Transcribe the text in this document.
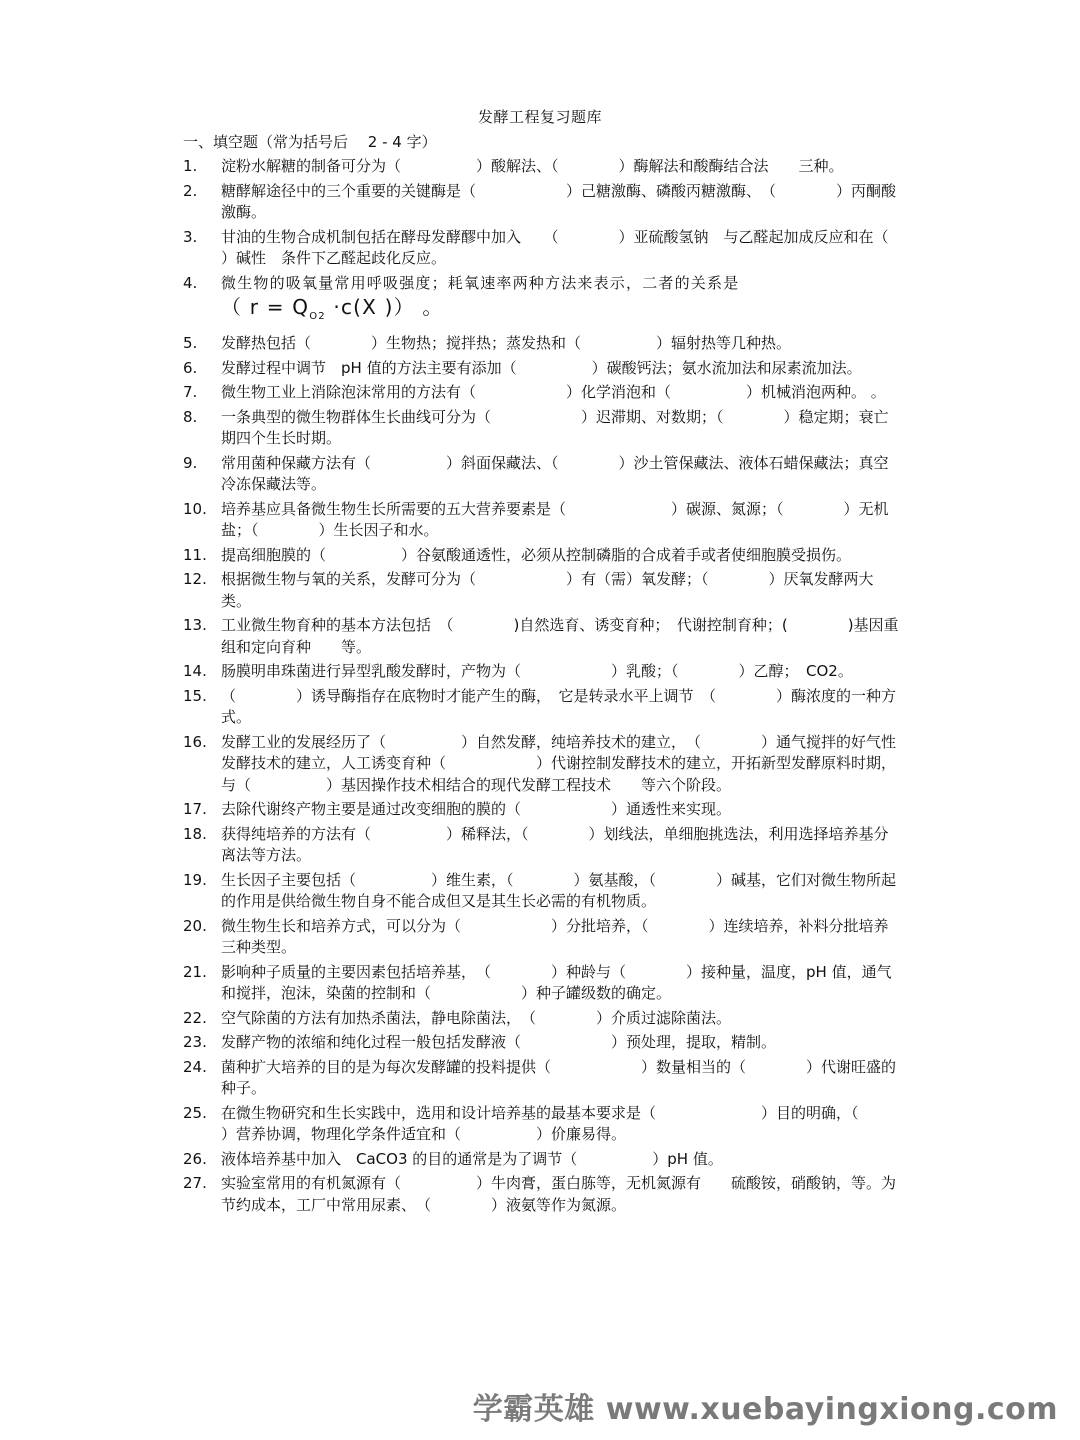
发酵工程复习题库
一、填空题（常为括号后　 2 - 4 字）
1.	淀粉水解糖的制备可分为（　　　　　）酸解法、（　　　　）酶解法和酸酶结合法　　三种。
2.	糖酵解途径中的三个重要的关键酶是（　　　　　　）己糖激酶、磷酸丙糖激酶、　（　　　　）丙酮酸激酶。
3.	甘油的生物合成机制包括在酵母发酵醪中加入　　（　　　　）亚硫酸氢钠　与乙醛起加成反应和在（　　　　）碱性　条件下乙醛起歧化反应。
4.	微生物的吸氧量常用呼吸强度；耗氧速率两种方法来表示，二者的关系是
（ $r = Q_{O2} \cdot c(X$ )） 。
5.	发酵热包括（　　　　）生物热；搅拌热；蒸发热和（　　　　　）辐射热等几种热。
6.	发酵过程中调节　pH 值的方法主要有添加（　　　　　）碳酸钙法；氨水流加法和尿素流加法。
7.	微生物工业上消除泡沫常用的方法有（　　　　　　）化学消泡和（　　　　　）机械消泡两种。 。
8.	一条典型的微生物群体生长曲线可分为（　　　　　　）迟滞期、对数期；（　　　　）稳定期；衰亡期四个生长时期。
9.	常用菌种保藏方法有（　　　　　）斜面保藏法、（　　　　）沙土管保藏法、液体石蜡保藏法；真空冷冻保藏法等。
10. 培养基应具备微生物生长所需要的五大营养要素是（　　　　　　　）碳源、氮源；（　　　　）无机盐；（　　　　）生长因子和水。
11. 提高细胞膜的（　　　　　）谷氨酸通透性，必须从控制磷脂的合成着手或者使细胞膜受损伤。
12. 根据微生物与氧的关系，发酵可分为（　　　　　　）有（需）氧发酵；（　　　　）厌氧发酵两大类。
13. 工业微生物育种的基本方法包括　（　　　　)自然选育、诱变育种；　代谢控制育种；(　　　　)基因重组和定向育种　　等。
14. 肠膜明串珠菌进行异型乳酸发酵时，产物为（　　　　　　）乳酸；（　　　　）乙醇；　CO2。
15. （　　　　）诱导酶指存在底物时才能产生的酶，　它是转录水平上调节　（　　　　）酶浓度的一种方式。
16. 发酵工业的发展经历了（　　　　　）自然发酵，纯培养技术的建立，　（　　　　）通气搅拌的好气性发酵技术的建立，人工诱变育种（　　　　　　）代谢控制发酵技术的建立，开拓新型发酵原料时期，与（　　　　　）基因操作技术相结合的现代发酵工程技术　　等六个阶段。
17. 去除代谢终产物主要是通过改变细胞的膜的（　　　　　　）通透性来实现。
18. 获得纯培养的方法有（　　　　　）稀释法，（　　　　）划线法，单细胞挑选法，利用选择培养基分离法等方法。
19. 生长因子主要包括（　　　　　）维生素，（　　　　）氨基酸，（　　　　）碱基，它们对微生物所起的作用是供给微生物自身不能合成但又是其生长必需的有机物质。
20. 微生物生长和培养方式，可以分为（　　　　　　）分批培养，（　　　　）连续培养，补料分批培养三种类型。
21. 影响种子质量的主要因素包括培养基，　（　　　　）种龄与（　　　　）接种量，温度，pH 值，通气和搅拌，泡沫，染菌的控制和（　　　　　　）种子罐级数的确定。
22. 空气除菌的方法有加热杀菌法，静电除菌法，　（　　　　）介质过滤除菌法。
23. 发酵产物的浓缩和纯化过程一般包括发酵液（　　　　　　）预处理，提取，精制。
24. 菌种扩大培养的目的是为每次发酵罐的投料提供（　　　　　　）数量相当的（　　　　）代谢旺盛的种子。
25. 在微生物研究和生长实践中，选用和设计培养基的最基本要求是（　　　　　　　）目的明确，（　　　　）营养协调，物理化学条件适宜和（　　　　　）价廉易得。
26. 液体培养基中加入　CaCO3 的目的通常是为了调节（　　　　　）pH 值。
27. 实验室常用的有机氮源有（　　　　　）牛肉膏，蛋白胨等，无机氮源有　　硫酸铵，硝酸钠，等。为节约成本，工厂中常用尿素、　（　　　　）液氨等作为氮源。
学霸英雄 www.xuebayingxiong.com
